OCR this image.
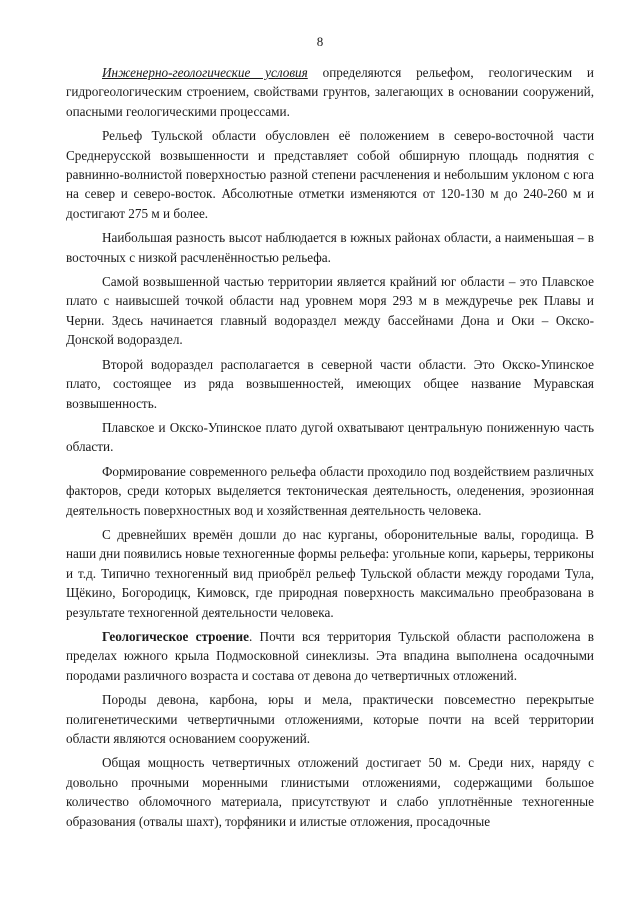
8

Инженерно-геологические условия определяются рельефом, геологическим и гидрогеологическим строением, свойствами грунтов, залегающих в основании сооружений, опасными геологическими процессами.

Рельеф Тульской области обусловлен её положением в северо-восточной части Среднерусской возвышенности и представляет собой обширную площадь поднятия с равнинно-волнистой поверхностью разной степени расчленения и небольшим уклоном с юга на север и северо-восток. Абсолютные отметки изменяются от 120-130 м до 240-260 м и достигают 275 м и более.

Наибольшая разность высот наблюдается в южных районах области, а наименьшая – в восточных с низкой расчленённостью рельефа.

Самой возвышенной частью территории является крайний юг области – это Плавское плато с наивысшей точкой области над уровнем моря 293 м в междуречье рек Плавы и Черни. Здесь начинается главный водораздел между бассейнами Дона и Оки – Окско-Донской водораздел.

Второй водораздел располагается в северной части области. Это Окско-Упинское плато, состоящее из ряда возвышенностей, имеющих общее название Муравская возвышенность.

Плавское и Окско-Упинское плато дугой охватывают центральную пониженную часть области.

Формирование современного рельефа области проходило под воздействием различных факторов, среди которых выделяется тектоническая деятельность, оледенения, эрозионная деятельность поверхностных вод и хозяйственная деятельность человека.

С древнейших времён дошли до нас курганы, оборонительные валы, городища. В наши дни появились новые техногенные формы рельефа: угольные копи, карьеры, терриконы и т.д. Типично техногенный вид приобрёл рельеф Тульской области между городами Тула, Щёкино, Богородицк, Кимовск, где природная поверхность максимально преобразована в результате техногенной деятельности человека.

Геологическое строение. Почти вся территория Тульской области расположена в пределах южного крыла Подмосковной синеклизы. Эта впадина выполнена осадочными породами различного возраста и состава от девона до четвертичных отложений.

Породы девона, карбона, юры и мела, практически повсеместно перекрытые полигенетическими четвертичными отложениями, которые почти на всей территории области являются основанием сооружений.

Общая мощность четвертичных отложений достигает 50 м. Среди них, наряду с довольно прочными моренными глинистыми отложениями, содержащими большое количество обломочного материала, присутствуют и слабо уплотнённые техногенные образования (отвалы шахт), торфяники и илистые отложения, просадочные
